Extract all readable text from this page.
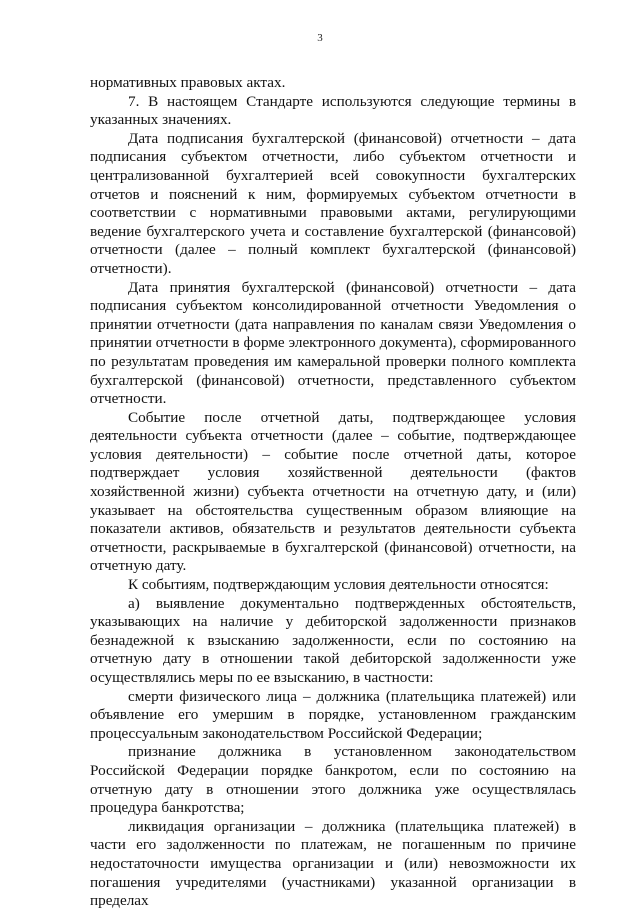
3

нормативных правовых актах.

7. В настоящем Стандарте используются следующие термины в указанных значениях.

Дата подписания бухгалтерской (финансовой) отчетности – дата подписания субъектом отчетности, либо субъектом отчетности и централизованной бухгалтерией всей совокупности бухгалтерских отчетов и пояснений к ним, формируемых субъектом отчетности в соответствии с нормативными правовыми актами, регулирующими ведение бухгалтерского учета и составление бухгалтерской (финансовой) отчетности (далее – полный комплект бухгалтерской (финансовой) отчетности).

Дата принятия бухгалтерской (финансовой) отчетности – дата подписания субъектом консолидированной отчетности Уведомления о принятии отчетности (дата направления по каналам связи Уведомления о принятии отчетности в форме электронного документа), сформированного по результатам проведения им камеральной проверки полного комплекта бухгалтерской (финансовой) отчетности, представленного субъектом отчетности.

Событие после отчетной даты, подтверждающее условия деятельности субъекта отчетности (далее – событие, подтверждающее условия деятельности) – событие после отчетной даты, которое подтверждает условия хозяйственной деятельности (фактов хозяйственной жизни) субъекта отчетности на отчетную дату, и (или) указывает на обстоятельства существенным образом влияющие на показатели активов, обязательств и результатов деятельности субъекта отчетности, раскрываемые в бухгалтерской (финансовой) отчетности, на отчетную дату.

К событиям, подтверждающим условия деятельности относятся:

а) выявление документально подтвержденных обстоятельств, указывающих на наличие у дебиторской задолженности признаков безнадежной к взысканию задолженности, если по состоянию на отчетную дату в отношении такой дебиторской задолженности уже осуществлялись меры по ее взысканию, в частности:

смерти физического лица – должника (плательщика платежей) или объявление его умершим в порядке, установленном гражданским процессуальным законодательством Российской Федерации;

признание должника в установленном законодательством Российской Федерации порядке банкротом, если по состоянию на отчетную дату в отношении этого должника уже осуществлялась процедура банкротства;

ликвидация организации – должника (плательщика платежей) в части его задолженности по платежам, не погашенным по причине недостаточности имущества организации и (или) невозможности их погашения учредителями (участниками) указанной организации в пределах
